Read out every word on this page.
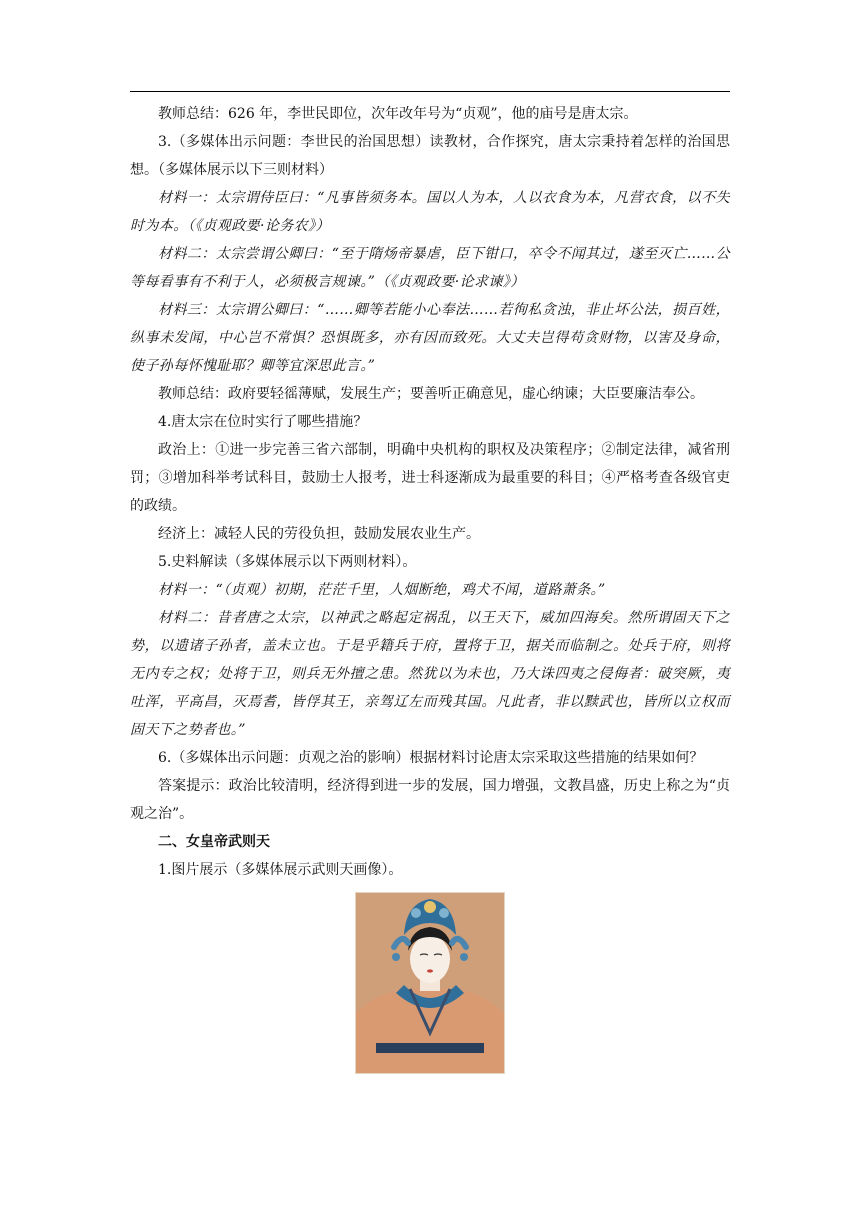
教师总结：626 年，李世民即位，次年改年号为“贞观”，他的庙号是唐太宗。

3.（多媒体出示问题：李世民的治国思想）读教材，合作探究，唐太宗秉持着怎样的治国思想。（多媒体展示以下三则材料）

材料一：太宗谓侍臣曰：“凡事皆须务本。国以人为本，人以衣食为本，凡营衣食，以不失时为本。（《贞观政要·论务农》）

材料二：太宗尝谓公卿曰：“至于隋炀帝暴虐，臣下钳口，卒令不闻其过，遂至灭亡……公等每看事有不利于人，必须极言规谏。”（《贞观政要·论求谏》）

材料三：太宗谓公卿曰：“……卿等若能小心奉法……若徇私贪浊，非止坏公法，损百姓，纵事未发闻，中心岂不常惧？恐惧既多，亦有因而致死。大丈夫岂得苟贪财物，以害及身命，使子孙每怀愧耻耶？卿等宜深思此言。”

教师总结：政府要轻徭薄赋，发展生产；要善听正确意见，虚心纳谏；大臣要廉洁奉公。

4.唐太宗在位时实行了哪些措施？

政治上：①进一步完善三省六部制，明确中央机构的职权及决策程序；②制定法律，减省刑罚；③增加科举考试科目，鼓励士人报考，进士科逐渐成为最重要的科目；④严格考查各级官吏的政绩。

经济上：减轻人民的劳役负担，鼓励发展农业生产。

5.史料解读（多媒体展示以下两则材料）。

材料一：“（贞观）初期，茫茫千里，人烟断绝，鸡犬不闻，道路萧条。”

材料二：昔者唐之太宗，以神武之略起定祸乱，以王天下，威加四海矣。然所谓固天下之势，以遗诸子孙者，盖未立也。于是乎籍兵于府，置将于卫，据关而临制之。处兵于府，则将无内专之权；处将于卫，则兵无外擅之患。然犹以为未也，乃大诛四夷之侵侮者：破突厥，夷吐浑，平高昌，灭焉耆，皆俘其王，亲驾辽左而残其国。凡此者，非以黩武也，皆所以立权而固天下之势者也。”

6.（多媒体出示问题：贞观之治的影响）根据材料讨论唐太宗采取这些措施的结果如何？

答案提示：政治比较清明，经济得到进一步的发展，国力增强，文教昌盛，历史上称之为“贞观之治”。

二、女皇帝武则天

1.图片展示（多媒体展示武则天画像）。
